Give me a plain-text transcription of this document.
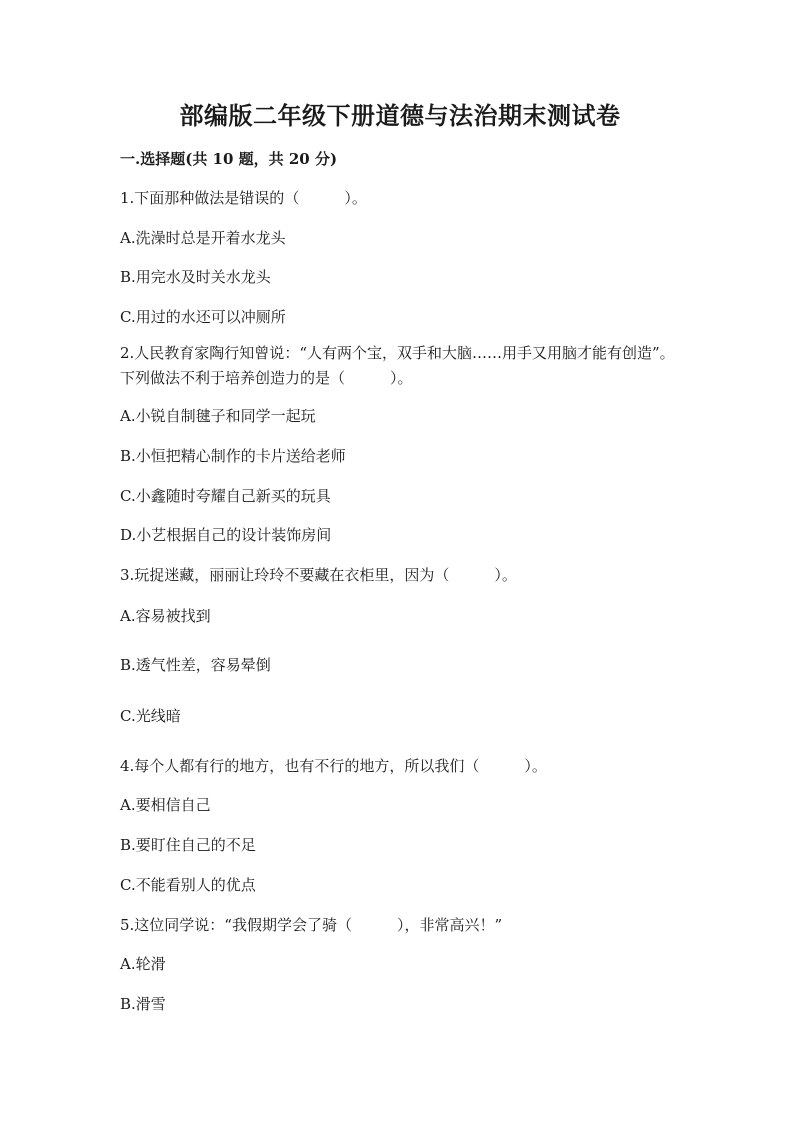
部编版二年级下册道德与法治期末测试卷
一.选择题(共 10 题，共 20 分)
1.下面那种做法是错误的（　　　）。
A.洗澡时总是开着水龙头
B.用完水及时关水龙头
C.用过的水还可以冲厕所
2.人民教育家陶行知曾说：“人有两个宝，双手和大脑……用手又用脑才能有创造”。下列做法不利于培养创造力的是（　　　）。
A.小锐自制毽子和同学一起玩
B.小恒把精心制作的卡片送给老师
C.小鑫随时夸耀自己新买的玩具
D.小艺根据自己的设计装饰房间
3.玩捉迷藏，丽丽让玲玲不要藏在衣柜里，因为（　　　）。
A.容易被找到
B.透气性差，容易晕倒
C.光线暗
4.每个人都有行的地方，也有不行的地方，所以我们（　　　）。
A.要相信自己
B.要盯住自己的不足
C.不能看别人的优点
5.这位同学说：“我假期学会了骑（　　　），非常高兴！”
A.轮滑
B.滑雪
